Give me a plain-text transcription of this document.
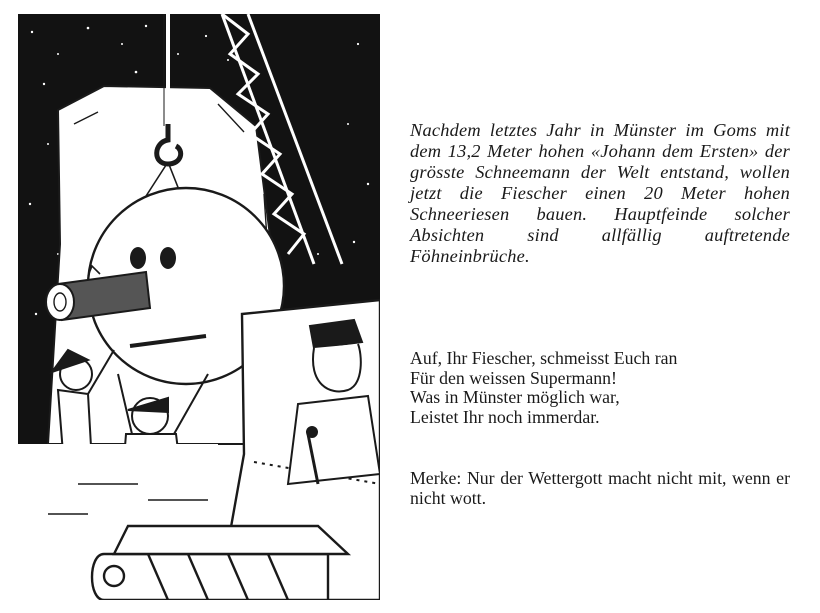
Nachdem letztes Jahr in Münster im Goms mit dem 13,2 Meter hohen «Johann dem Ersten» der grösste Schneemann der Welt entstand, wollen jetzt die Fiescher einen 20 Meter hohen Schneeriesen bauen. Hauptfeinde solcher Absichten sind allfällig auftretende Föhneinbrüche.

Auf, Ihr Fiescher, schmeisst Euch ran
Für den weissen Supermann!
Was in Münster möglich war,
Leistet Ihr noch immerdar.
Merke: Nur der Wettergott macht nicht mit, wenn er nicht wott.
